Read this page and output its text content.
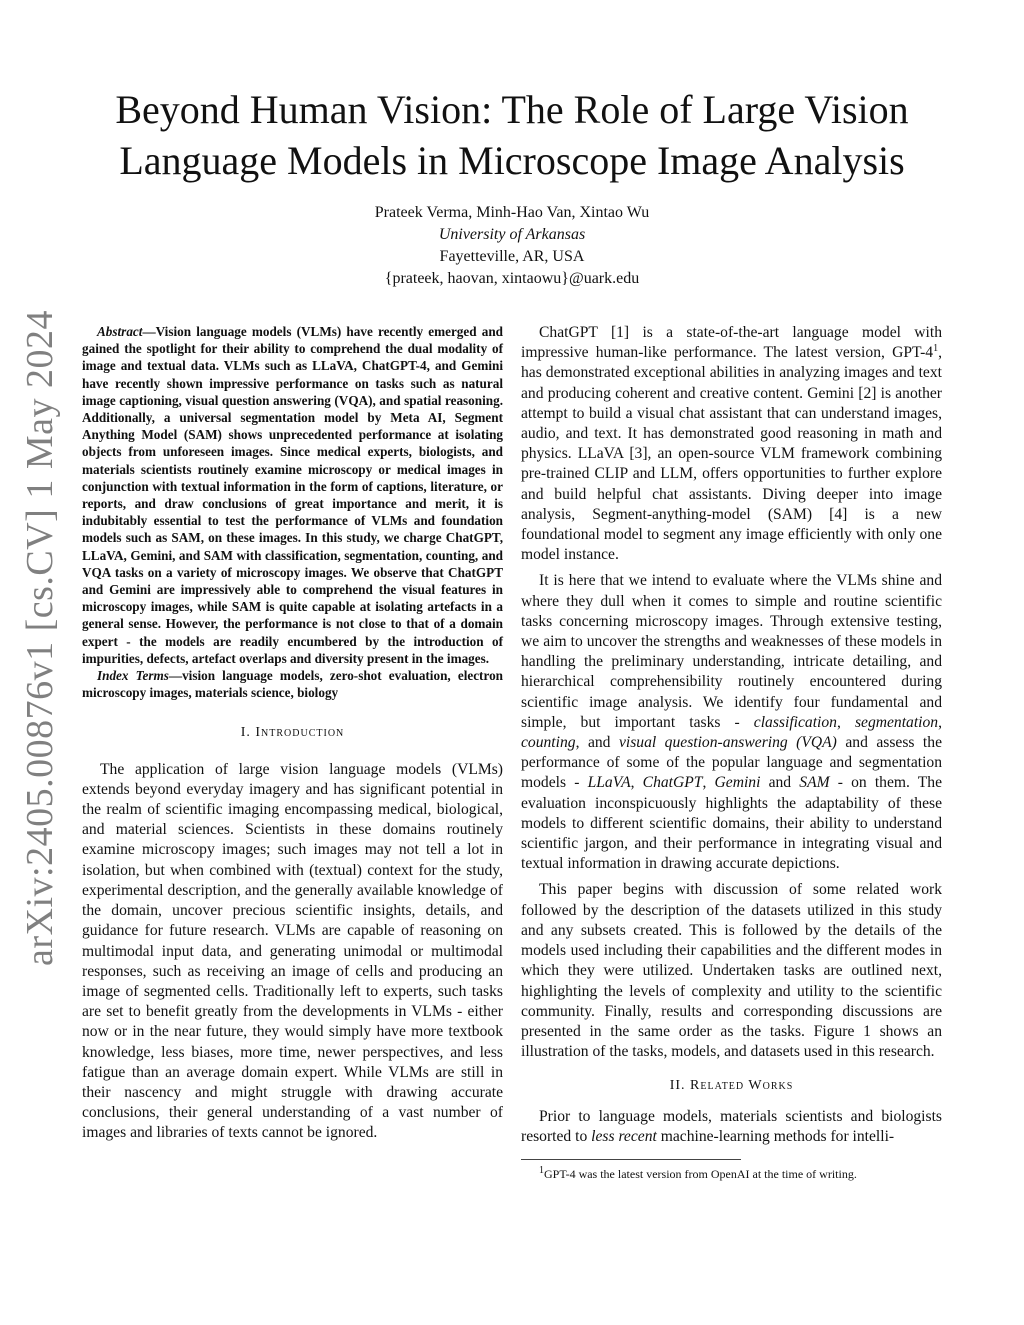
arXiv:2405.00876v1 [cs.CV] 1 May 2024
Beyond Human Vision: The Role of Large Vision
Language Models in Microscope Image Analysis
Prateek Verma, Minh-Hao Van, Xintao Wu
University of Arkansas
Fayetteville, AR, USA
{prateek, haovan, xintaowu}@uark.edu

Abstract—Vision language models (VLMs) have recently emerged and gained the spotlight for their ability to comprehend the dual modality of image and textual data. VLMs such as LLaVA, ChatGPT-4, and Gemini have recently shown impressive performance on tasks such as natural image captioning, visual question answering (VQA), and spatial reasoning. Additionally, a universal segmentation model by Meta AI, Segment Anything Model (SAM) shows unprecedented performance at isolating objects from unforeseen images. Since medical experts, biologists, and materials scientists routinely examine microscopy or medical images in conjunction with textual information in the form of captions, literature, or reports, and draw conclusions of great importance and merit, it is indubitably essential to test the performance of VLMs and foundation models such as SAM, on these images. In this study, we charge ChatGPT, LLaVA, Gemini, and SAM with classification, segmentation, counting, and VQA tasks on a variety of microscopy images. We observe that ChatGPT and Gemini are impressively able to comprehend the visual features in microscopy images, while SAM is quite capable at isolating artefacts in a general sense. However, the performance is not close to that of a domain expert - the models are readily encumbered by the introduction of impurities, defects, artefact overlaps and diversity present in the images.

Index Terms—vision language models, zero-shot evaluation, electron microscopy images, materials science, biology

I. Introduction

The application of large vision language models (VLMs) extends beyond everyday imagery and has significant potential in the realm of scientific imaging encompassing medical, biological, and material sciences. Scientists in these domains routinely examine microscopy images; such images may not tell a lot in isolation, but when combined with (textual) context for the study, experimental description, and the generally available knowledge of the domain, uncover precious scientific insights, details, and guidance for future research. VLMs are capable of reasoning on multimodal input data, and generating unimodal or multimodal responses, such as receiving an image of cells and producing an image of segmented cells. Traditionally left to experts, such tasks are set to benefit greatly from the developments in VLMs - either now or in the near future, they would simply have more textbook knowledge, less biases, more time, newer perspectives, and less fatigue than an average domain expert. While VLMs are still in their nascency and might struggle with drawing accurate conclusions, their general understanding of a vast number of images and libraries of texts cannot be ignored.

ChatGPT [1] is a state-of-the-art language model with impressive human-like performance. The latest version, GPT-4$^1$, has demonstrated exceptional abilities in analyzing images and text and producing coherent and creative content. Gemini [2] is another attempt to build a visual chat assistant that can understand images, audio, and text. It has demonstrated good reasoning in math and physics. LLaVA [3], an open-source VLM framework combining pre-trained CLIP and LLM, offers opportunities to further explore and build helpful chat assistants. Diving deeper into image analysis, Segment-anything-model (SAM) [4] is a new foundational model to segment any image efficiently with only one model instance.

It is here that we intend to evaluate where the VLMs shine and where they dull when it comes to simple and routine scientific tasks concerning microscopy images. Through extensive testing, we aim to uncover the strengths and weaknesses of these models in handling the preliminary understanding, intricate detailing, and hierarchical comprehensibility routinely encountered during scientific image analysis. We identify four fundamental and simple, but important tasks - classification, segmentation, counting, and visual question-answering (VQA) and assess the performance of some of the popular language and segmentation models - LLaVA, ChatGPT, Gemini and SAM - on them. The evaluation inconspicuously highlights the adaptability of these models to different scientific domains, their ability to understand scientific jargon, and their performance in integrating visual and textual information in drawing accurate depictions.

This paper begins with discussion of some related work followed by the description of the datasets utilized in this study and any subsets created. This is followed by the details of the models used including their capabilities and the different modes in which they were utilized. Undertaken tasks are outlined next, highlighting the levels of complexity and utility to the scientific community. Finally, results and corresponding discussions are presented in the same order as the tasks. Figure 1 shows an illustration of the tasks, models, and datasets used in this research.

II. Related Works

Prior to language models, materials scientists and biologists resorted to less recent machine-learning methods for intelli-

$^1$GPT-4 was the latest version from OpenAI at the time of writing.
